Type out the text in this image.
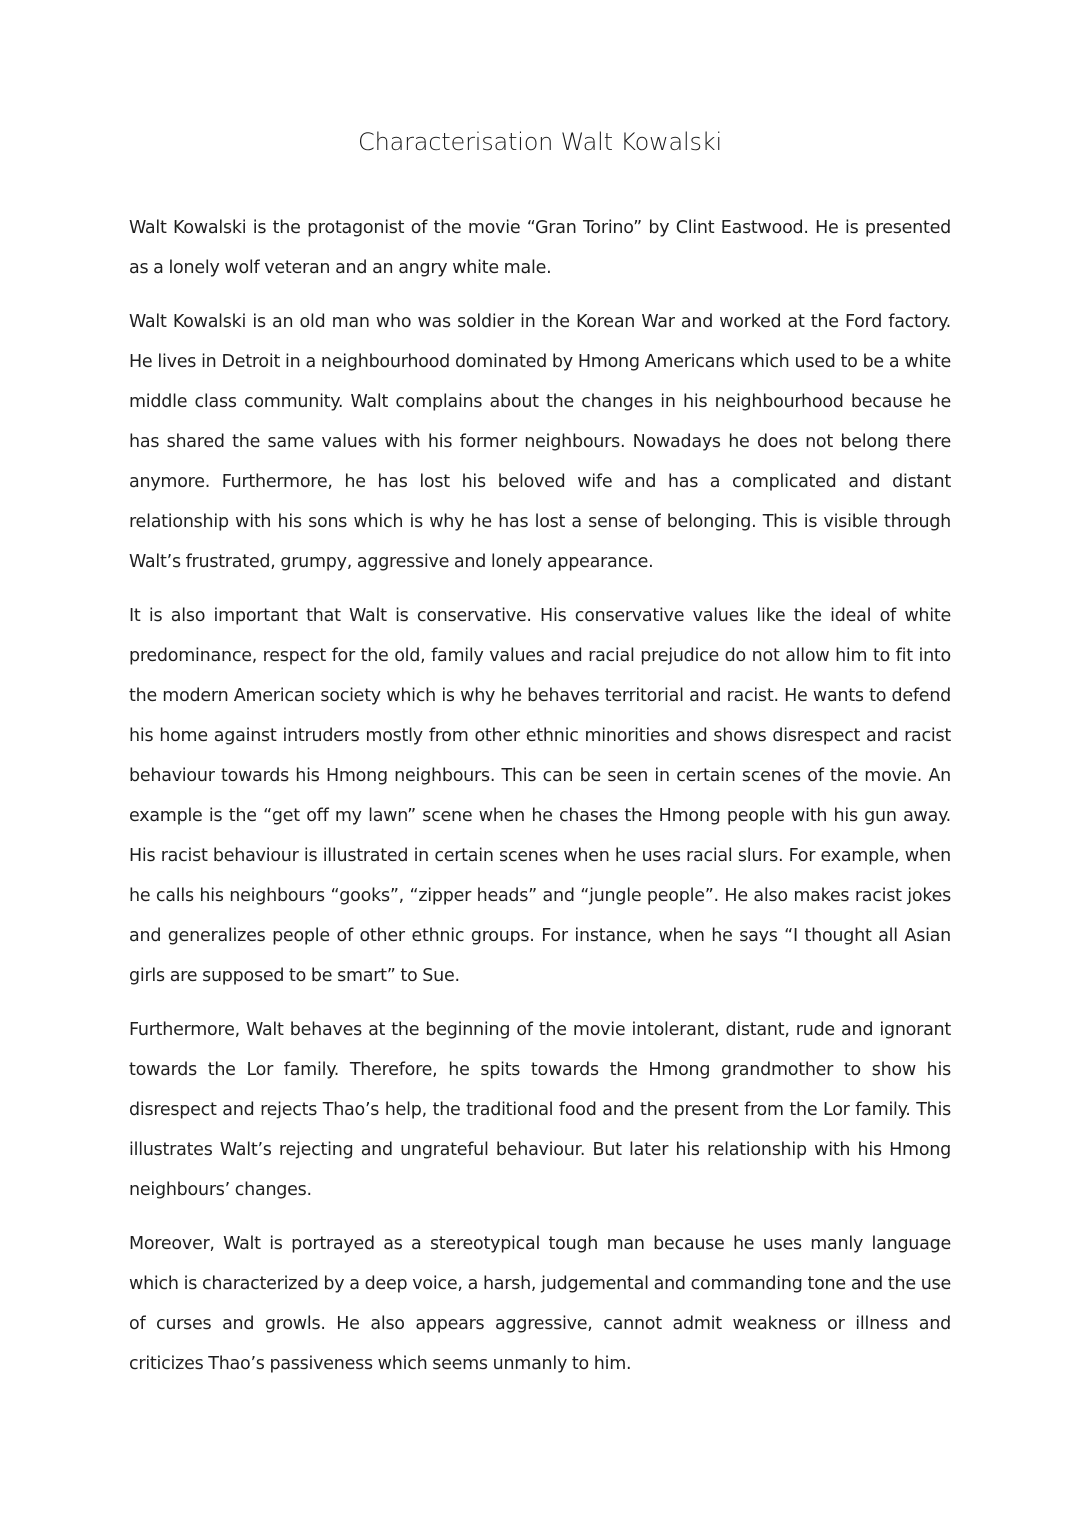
Characterisation Walt Kowalski

Walt Kowalski is the protagonist of the movie “Gran Torino” by Clint Eastwood. He is presented as a lonely wolf veteran and an angry white male.

Walt Kowalski is an old man who was soldier in the Korean War and worked at the Ford factory. He lives in Detroit in a neighbourhood dominated by Hmong Americans which used to be a white middle class community. Walt complains about the changes in his neighbourhood because he has shared the same values with his former neighbours. Nowadays he does not belong there anymore. Furthermore, he has lost his beloved wife and has a complicated and distant relationship with his sons which is why he has lost a sense of belonging. This is visible through Walt’s frustrated, grumpy, aggressive and lonely appearance.

It is also important that Walt is conservative. His conservative values like the ideal of white predominance, respect for the old, family values and racial prejudice do not allow him to fit into the modern American society which is why he behaves territorial and racist. He wants to defend his home against intruders mostly from other ethnic minorities and shows disrespect and racist behaviour towards his Hmong neighbours. This can be seen in certain scenes of the movie. An example is the “get off my lawn” scene when he chases the Hmong people with his gun away. His racist behaviour is illustrated in certain scenes when he uses racial slurs. For example, when he calls his neighbours “gooks”, “zipper heads” and “jungle people”. He also makes racist jokes and generalizes people of other ethnic groups. For instance, when he says “I thought all Asian girls are supposed to be smart” to Sue.

Furthermore, Walt behaves at the beginning of the movie intolerant, distant, rude and ignorant towards the Lor family. Therefore, he spits towards the Hmong grandmother to show his disrespect and rejects Thao’s help, the traditional food and the present from the Lor family. This illustrates Walt’s rejecting and ungrateful behaviour. But later his relationship with his Hmong neighbours’ changes.

Moreover, Walt is portrayed as a stereotypical tough man because he uses manly language which is characterized by a deep voice, a harsh, judgemental and commanding tone and the use of curses and growls. He also appears aggressive, cannot admit weakness or illness and criticizes Thao’s passiveness which seems unmanly to him.
